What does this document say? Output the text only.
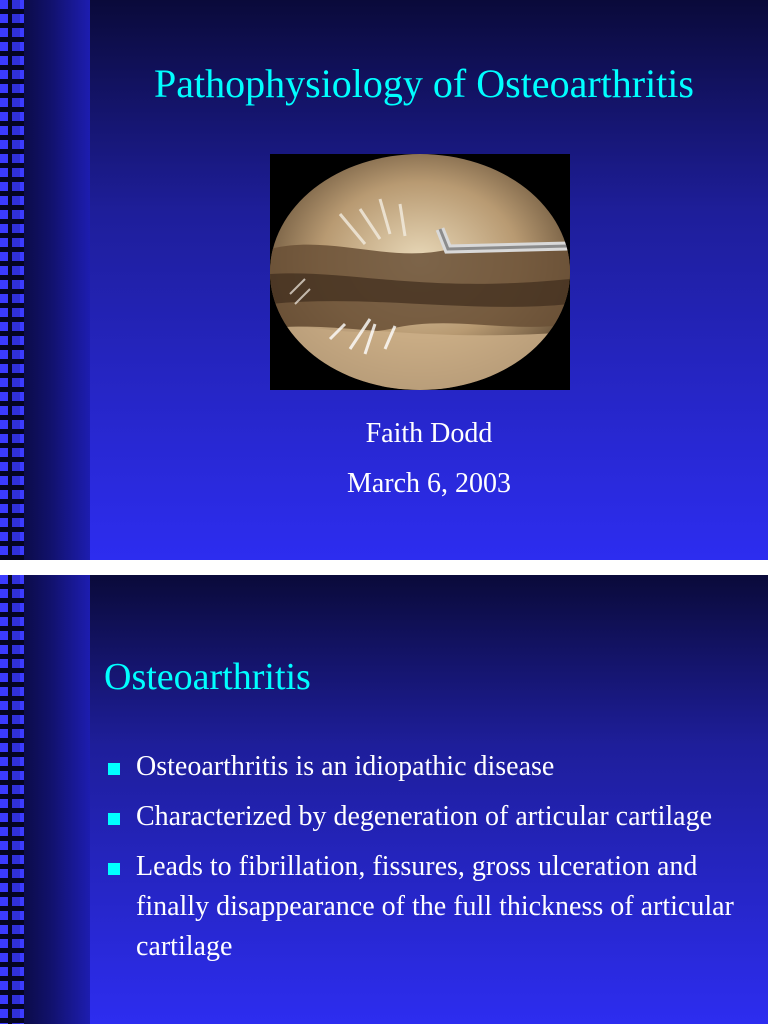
Pathophysiology of Osteoarthritis
Faith Dodd
March 6, 2003
Osteoarthritis
Osteoarthritis is an idiopathic disease
Characterized by degeneration of articular cartilage
Leads to fibrillation, fissures, gross ulceration and finally disappearance of the full thickness of articular cartilage
